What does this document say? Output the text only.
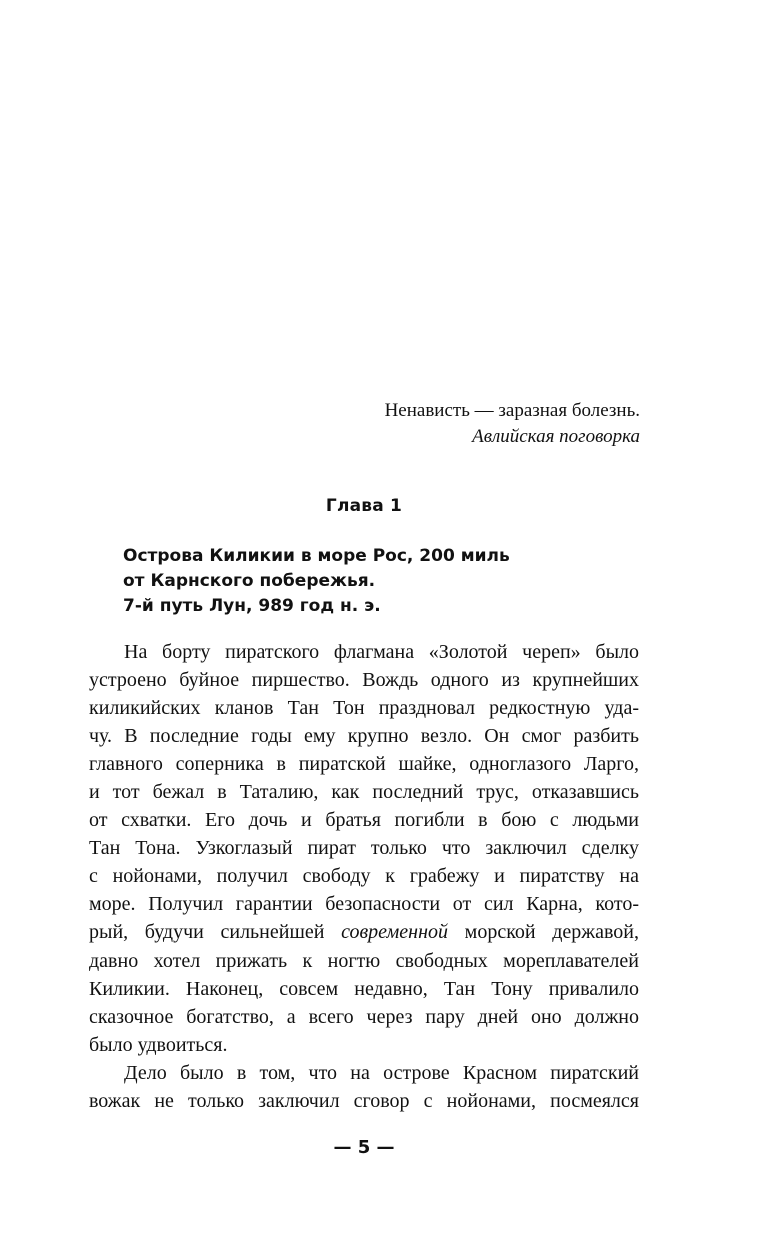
Ненависть — заразная болезнь.
Авлийская поговорка
Глава 1
Острова Киликии в море Рос, 200 миль
от Карнского побережья.
7-й путь Лун, 989 год н. э.
На борту пиратского флагмана «Золотой череп» было
устроено буйное пиршество. Вождь одного из крупнейших
киликийских кланов Тан Тон праздновал редкостную уда-
чу. В последние годы ему крупно везло. Он смог разбить
главного соперника в пиратской шайке, одноглазого Ларго,
и тот бежал в Таталию, как последний трус, отказавшись
от схватки. Его дочь и братья погибли в бою с людьми
Тан Тона. Узкоглазый пират только что заключил сделку
с нойонами, получил свободу к грабежу и пиратству на
море. Получил гарантии безопасности от сил Карна, кото-
рый, будучи сильнейшей современной морской державой,
давно хотел прижать к ногтю свободных мореплавателей
Киликии. Наконец, совсем недавно, Тан Тону привалило
сказочное богатство, а всего через пару дней оно должно
было удвоиться.
Дело было в том, что на острове Красном пиратский
вожак не только заключил сговор с нойонами, посмеялся
— 5 —
